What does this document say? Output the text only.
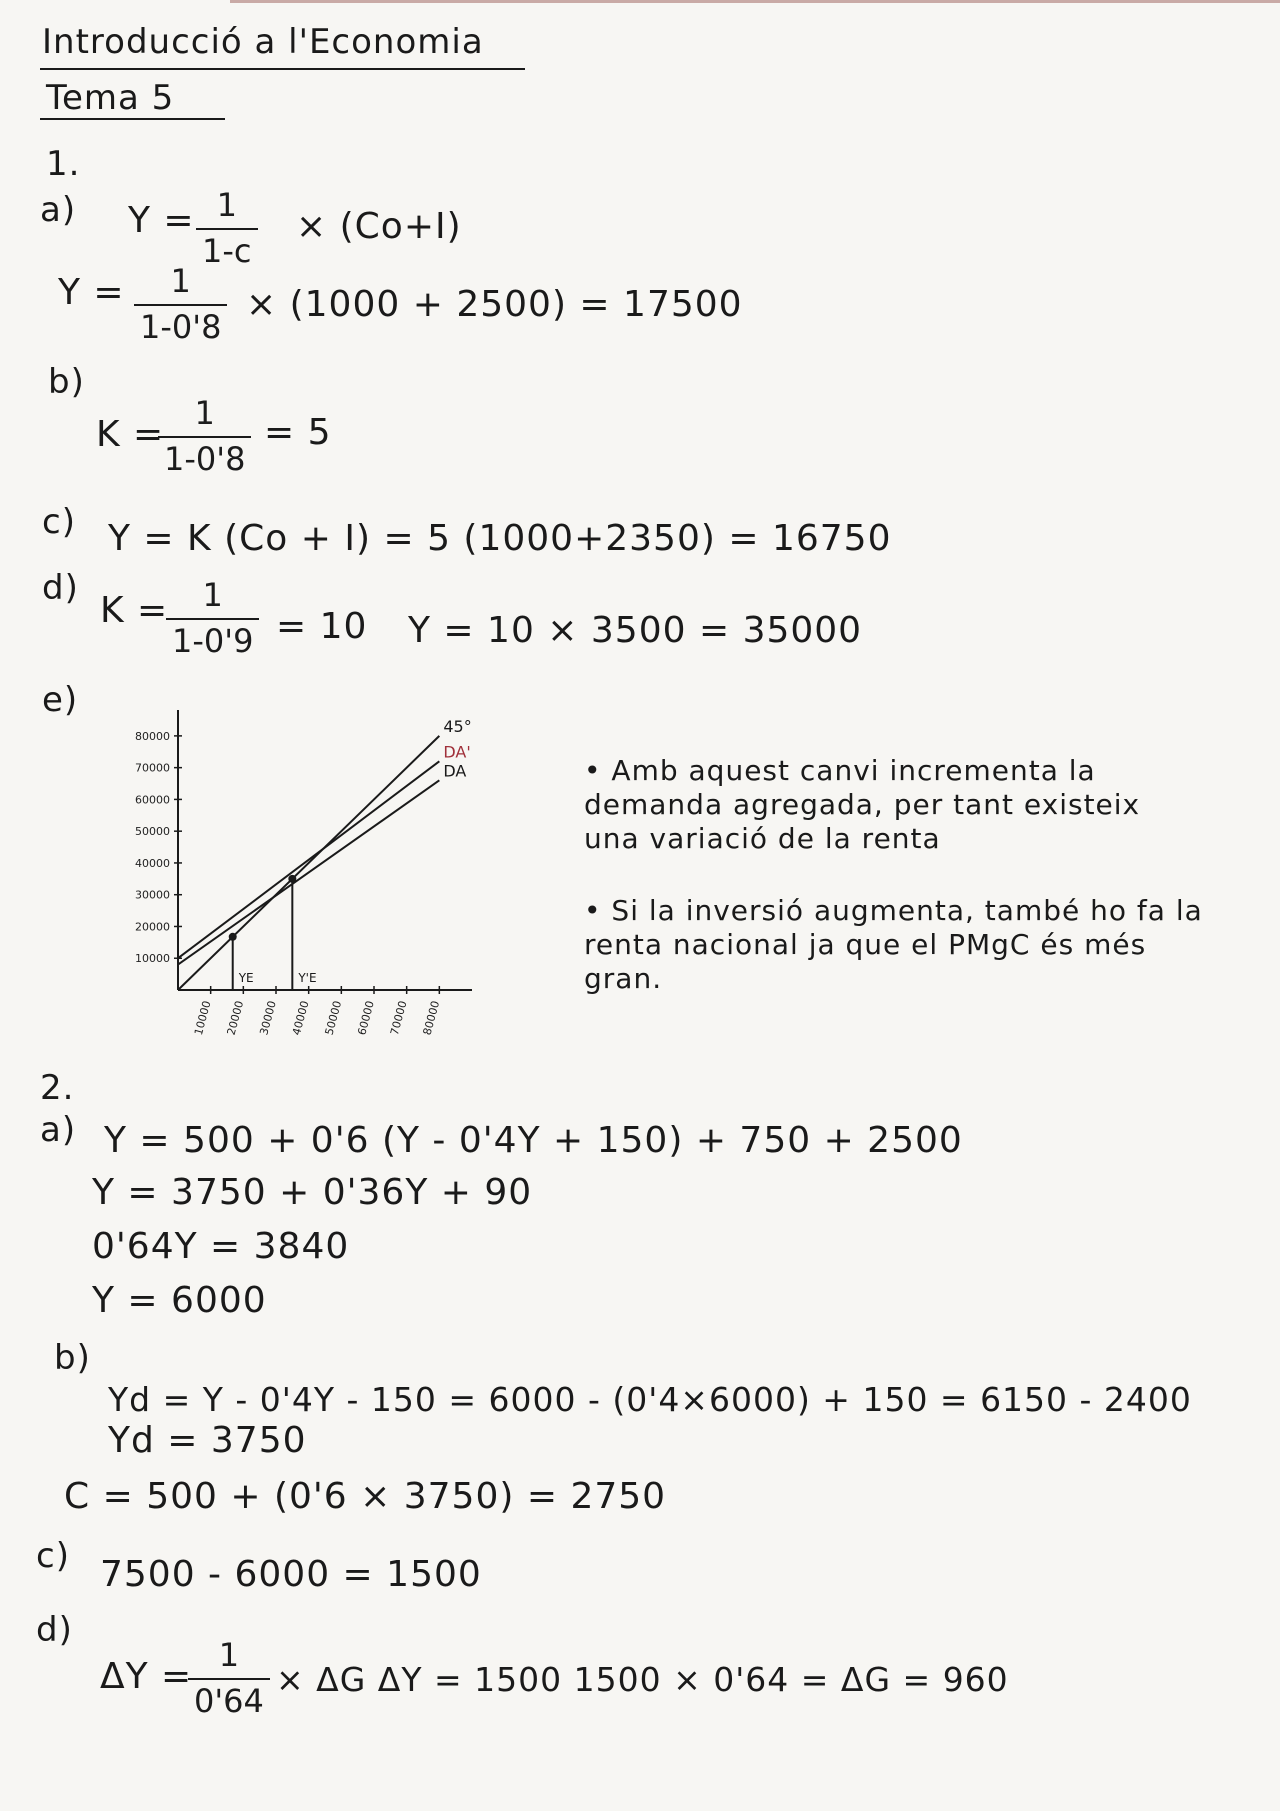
Introducció a l'Economia
Tema 5
1.
a) $Y = \frac{1}{1-c} \times (Co+I)$
$Y = \frac{1}{1-0'8} \times (1000 + 2500) = 17500$
b)
K =
$\frac{1}{1-0'8} = 5$
c) Y = K (Co + I) = 5 (1000+2350) = 16750
d)
K =
$\frac{1}{1-0'9} = 10$ Y = 10 × 3500 = 35000
e)
10000
20000
30000
40000
50000
60000
70000
80000
10000 20000 30000 40000 50000 60000 70000 80000
45°
DA'
DA
YE	Y'E
• Amb aquest canvi incrementa la demanda agregada, per tant existeix una variació de la renta
• Si la inversió augmenta, també ho fa la renta nacional ja que el PMgC és més gran.
2.
a) Y = 500 + 0'6 (Y - 0'4Y + 150) + 750 + 2500
Y = 3750 + 0'36Y + 90
0'64Y = 3840
Y = 6000
b)
Yd = Y - 0'4Y - 150 = 6000 - (0'4×6000) + 150 = 6150 - 2400
Yd = 3750
C = 500 + (0'6 × 3750) = 2750
c) 7500 - 6000 = 1500
d)
ΔY =
$\frac{1}{0'64} \times \Delta G$ ΔY = 1500 1500 × 0'64 = ΔG = 960
